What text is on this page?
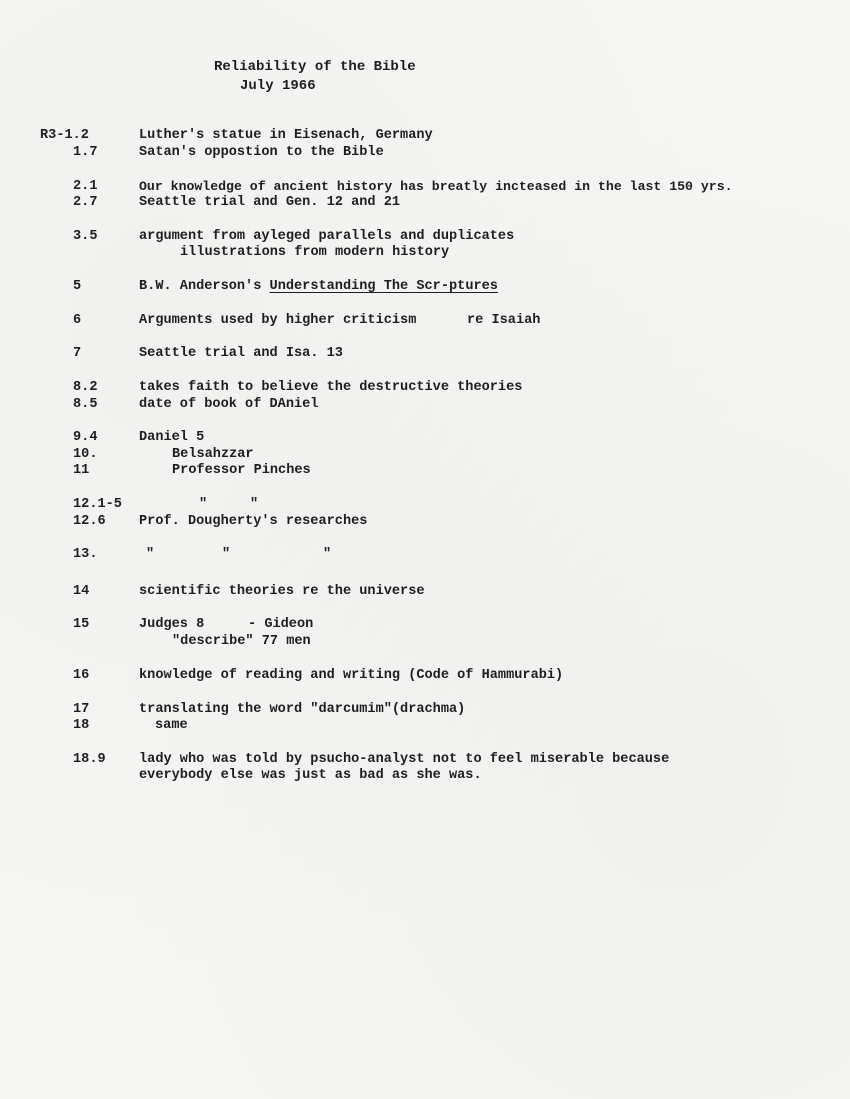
Reliability of the Bible
July 1966
R3-1.2	Luther's statue in Eisenach, Germany
1.7	Satan's oppostion to the Bible
2.1	Our knowledge of ancient history has breatly incteased in the last 150 yrs.
2.7	Seattle trial and Gen. 12 and 21
3.5	argument from ayleged parallels and duplicates
illustrations from modern history
5	B.W. Anderson's Understanding The Scr-ptures
6	Arguments used by higher criticism	re Isaiah
7	Seattle trial and Isa. 13
8.2	takes faith to believe the destructive theories
8.5	date of book of DAniel
9.4	Daniel 5
10.	Belsahzzar
11	Professor Pinches
12.1-5	"	"
12.6 Prof. Dougherty's researches
13.	"	"	"
14	scientific theories re the universe
15	Judges 8	- Gideon
"describe" 77 men
16	knowledge of reading and writing (Code of Hammurabi)
17	translating the word "darcumim"(drachma)
18	same
18.9 lady who was told by psucho-analyst not to feel miserable because
everybody else was just as bad as she was.
